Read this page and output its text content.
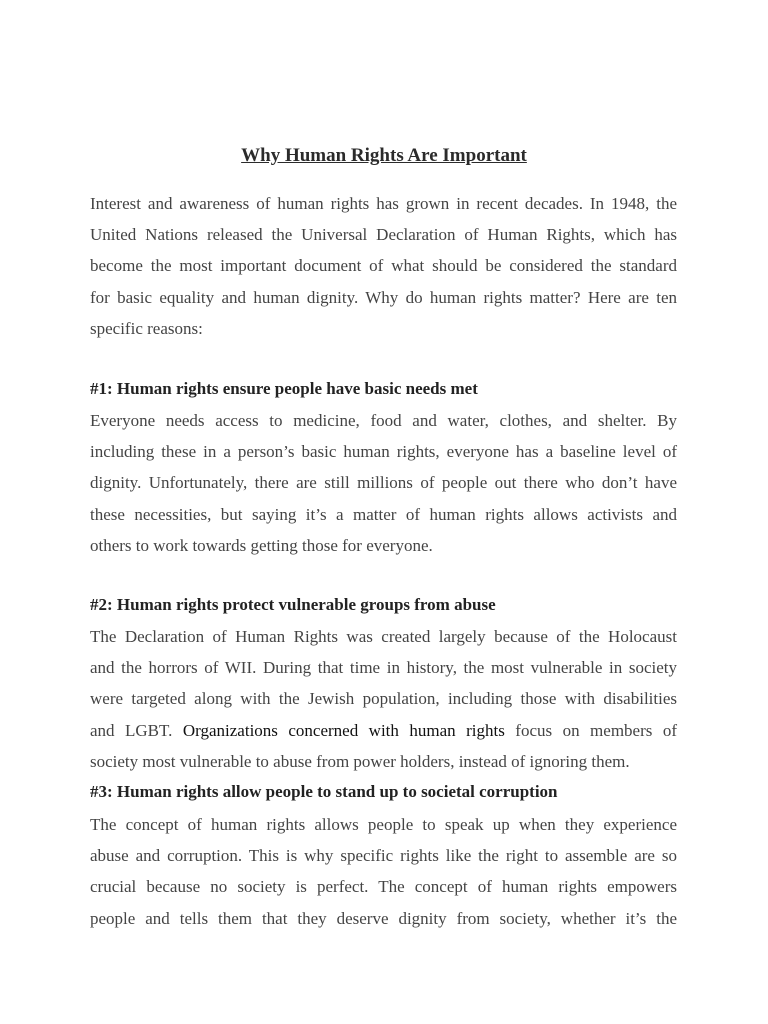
Why Human Rights Are Important
Interest and awareness of human rights has grown in recent decades. In 1948, the
United Nations released the Universal Declaration of Human Rights, which has
become the most important document of what should be considered the standard
for basic equality and human dignity. Why do human rights matter? Here are ten
specific reasons:
#1: Human rights ensure people have basic needs met
Everyone needs access to medicine, food and water, clothes, and shelter. By
including these in a person’s basic human rights, everyone has a baseline level of
dignity. Unfortunately, there are still millions of people out there who don’t have
these necessities, but saying it’s a matter of human rights allows activists and
others to work towards getting those for everyone.
#2: Human rights protect vulnerable groups from abuse
The Declaration of Human Rights was created largely because of the Holocaust
and the horrors of WII. During that time in history, the most vulnerable in society
were targeted along with the Jewish population, including those with disabilities
and LGBT. Organizations concerned with human rights focus on members of
society most vulnerable to abuse from power holders, instead of ignoring them.
#3: Human rights allow people to stand up to societal corruption
The concept of human rights allows people to speak up when they experience
abuse and corruption. This is why specific rights like the right to assemble are so
crucial because no society is perfect. The concept of human rights empowers
people and tells them that they deserve dignity from society, whether it’s the
